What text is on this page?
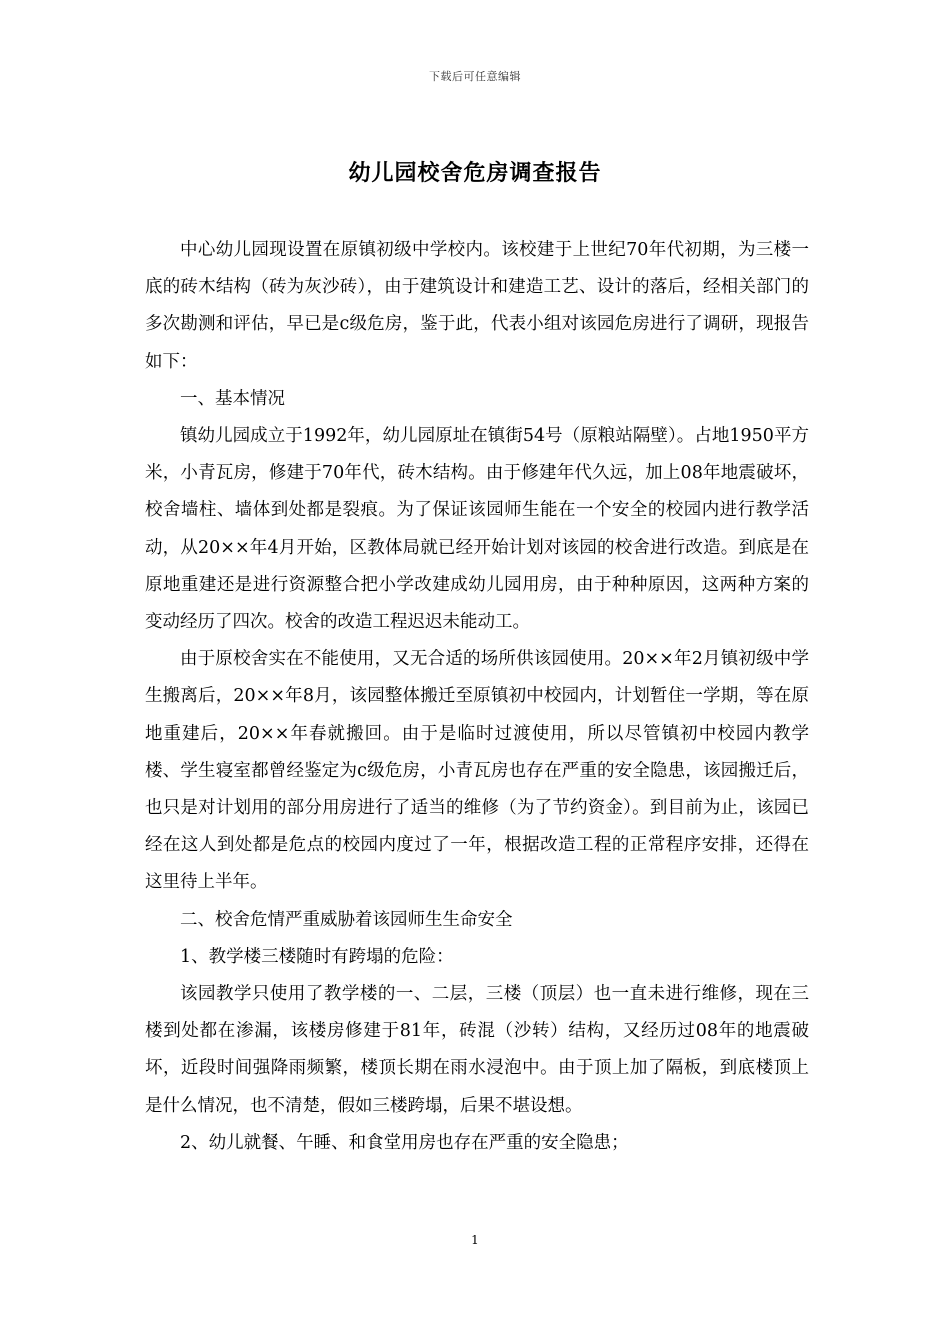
下载后可任意编辑
幼儿园校舍危房调查报告

中心幼儿园现设置在原镇初级中学校内。该校建于上世纪70年代初期，为三楼一底的砖木结构（砖为灰沙砖），由于建筑设计和建造工艺、设计的落后，经相关部门的多次勘测和评估，早已是c级危房，鉴于此，代表小组对该园危房进行了调研，现报告如下：

一、基本情况

镇幼儿园成立于1992年，幼儿园原址在镇街54号（原粮站隔壁）。占地1950平方米，小青瓦房，修建于70年代，砖木结构。由于修建年代久远，加上08年地震破坏，校舍墙柱、墙体到处都是裂痕。为了保证该园师生能在一个安全的校园内进行教学活动，从20××年4月开始，区教体局就已经开始计划对该园的校舍进行改造。到底是在原地重建还是进行资源整合把小学改建成幼儿园用房，由于种种原因，这两种方案的变动经历了四次。校舍的改造工程迟迟未能动工。

由于原校舍实在不能使用，又无合适的场所供该园使用。20××年2月镇初级中学生搬离后，20××年8月，该园整体搬迁至原镇初中校园内，计划暂住一学期，等在原地重建后，20××年春就搬回。由于是临时过渡使用，所以尽管镇初中校园内教学楼、学生寝室都曾经鉴定为c级危房，小青瓦房也存在严重的安全隐患，该园搬迁后，也只是对计划用的部分用房进行了适当的维修（为了节约资金）。到目前为止，该园已经在这人到处都是危点的校园内度过了一年，根据改造工程的正常程序安排，还得在这里待上半年。

二、校舍危情严重威胁着该园师生生命安全

1、教学楼三楼随时有跨塌的危险：

该园教学只使用了教学楼的一、二层，三楼（顶层）也一直未进行维修，现在三楼到处都在渗漏，该楼房修建于81年，砖混（沙转）结构，又经历过08年的地震破坏，近段时间强降雨频繁，楼顶长期在雨水浸泡中。由于顶上加了隔板，到底楼顶上是什么情况，也不清楚，假如三楼跨塌，后果不堪设想。

2、幼儿就餐、午睡、和食堂用房也存在严重的安全隐患；

1
